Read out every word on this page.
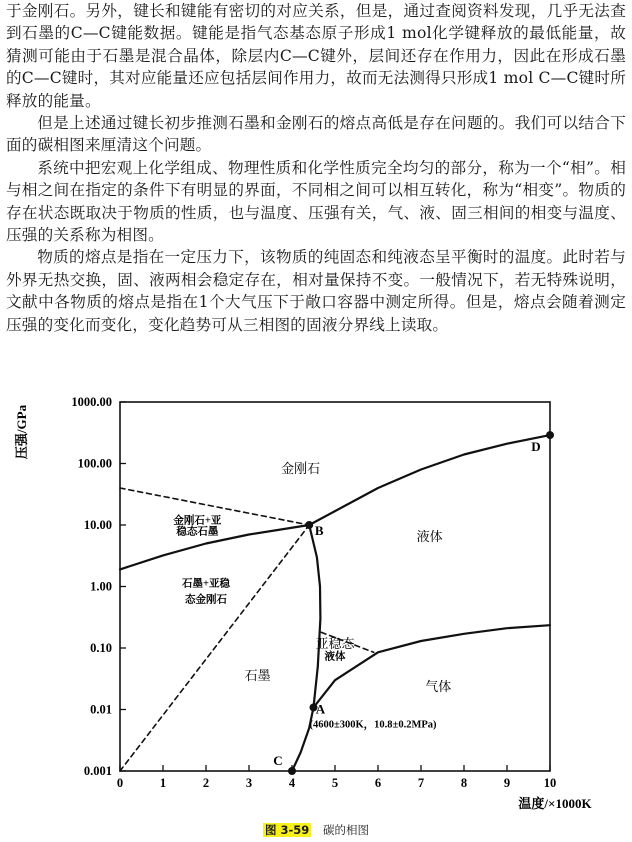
于金刚石。另外，键长和键能有密切的对应关系，但是，通过查阅资料发现，几乎无法查到石墨的C—C键能数据。键能是指气态基态原子形成1 mol化学键释放的最低能量，故猜测可能由于石墨是混合晶体，除层内C—C键外，层间还存在作用力，因此在形成石墨的C—C键时，其对应能量还应包括层间作用力，故而无法测得只形成1 mol C—C键时所释放的能量。

但是上述通过键长初步推测石墨和金刚石的熔点高低是存在问题的。我们可以结合下面的碳相图来厘清这个问题。

系统中把宏观上化学组成、物理性质和化学性质完全均匀的部分，称为一个“相”。相与相之间在指定的条件下有明显的界面，不同相之间可以相互转化，称为“相变”。物质的存在状态既取决于物质的性质，也与温度、压强有关，气、液、固三相间的相变与温度、压强的关系称为相图。

物质的熔点是指在一定压力下，该物质的纯固态和纯液态呈平衡时的温度。此时若与外界无热交换，固、液两相会稳定存在，相对量保持不变。一般情况下，若无特殊说明，文献中各物质的熔点是指在1个大气压下于敞口容器中测定所得。但是，熔点会随着测定压强的变化而变化，变化趋势可从三相图的固液分界线上读取。

0	1	2	3	4	5	6	7	8	9	10
0.001
0.01
0.10
1.00
10.00
100.00
1000.00
压强/GPa
温度/×1000K
A
B
C
D
(4600±300K，10.8±0.2MPa)
金刚石
金刚石+亚
稳态石墨
石墨+亚稳
态金刚石
液体
亚稳态
液体
石墨
气体
图 3-59 碳的相图
